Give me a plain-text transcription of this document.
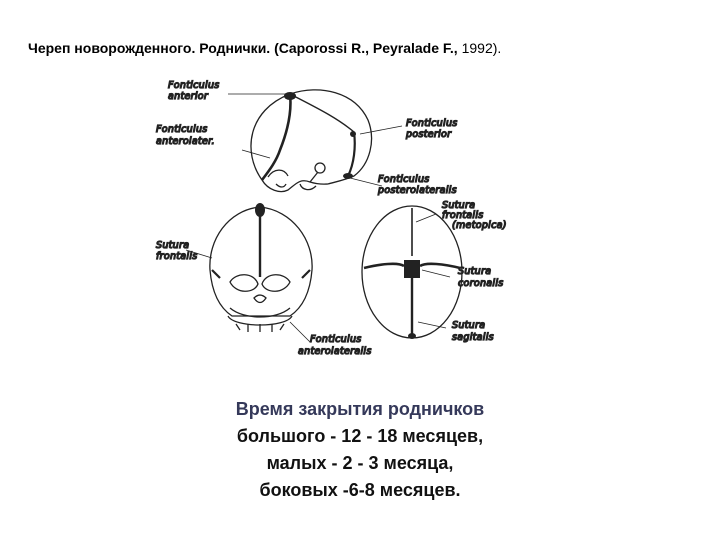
Череп новорожденного. Роднички. (Caporossi R., Peyralade F., 1992).
Fonticulus anterior
Fonticulus anterolater.
Fonticulus posterior
Fonticulus posterolateralis
Sutura frontalis (metopica)
Sutura frontalis
Sutura coronalis
Sutura sagitalis
Fonticulus anterolateralis
Время закрытия родничков
большого - 12 - 18 месяцев,
малых - 2 - 3 месяца,
боковых -6-8 месяцев.
